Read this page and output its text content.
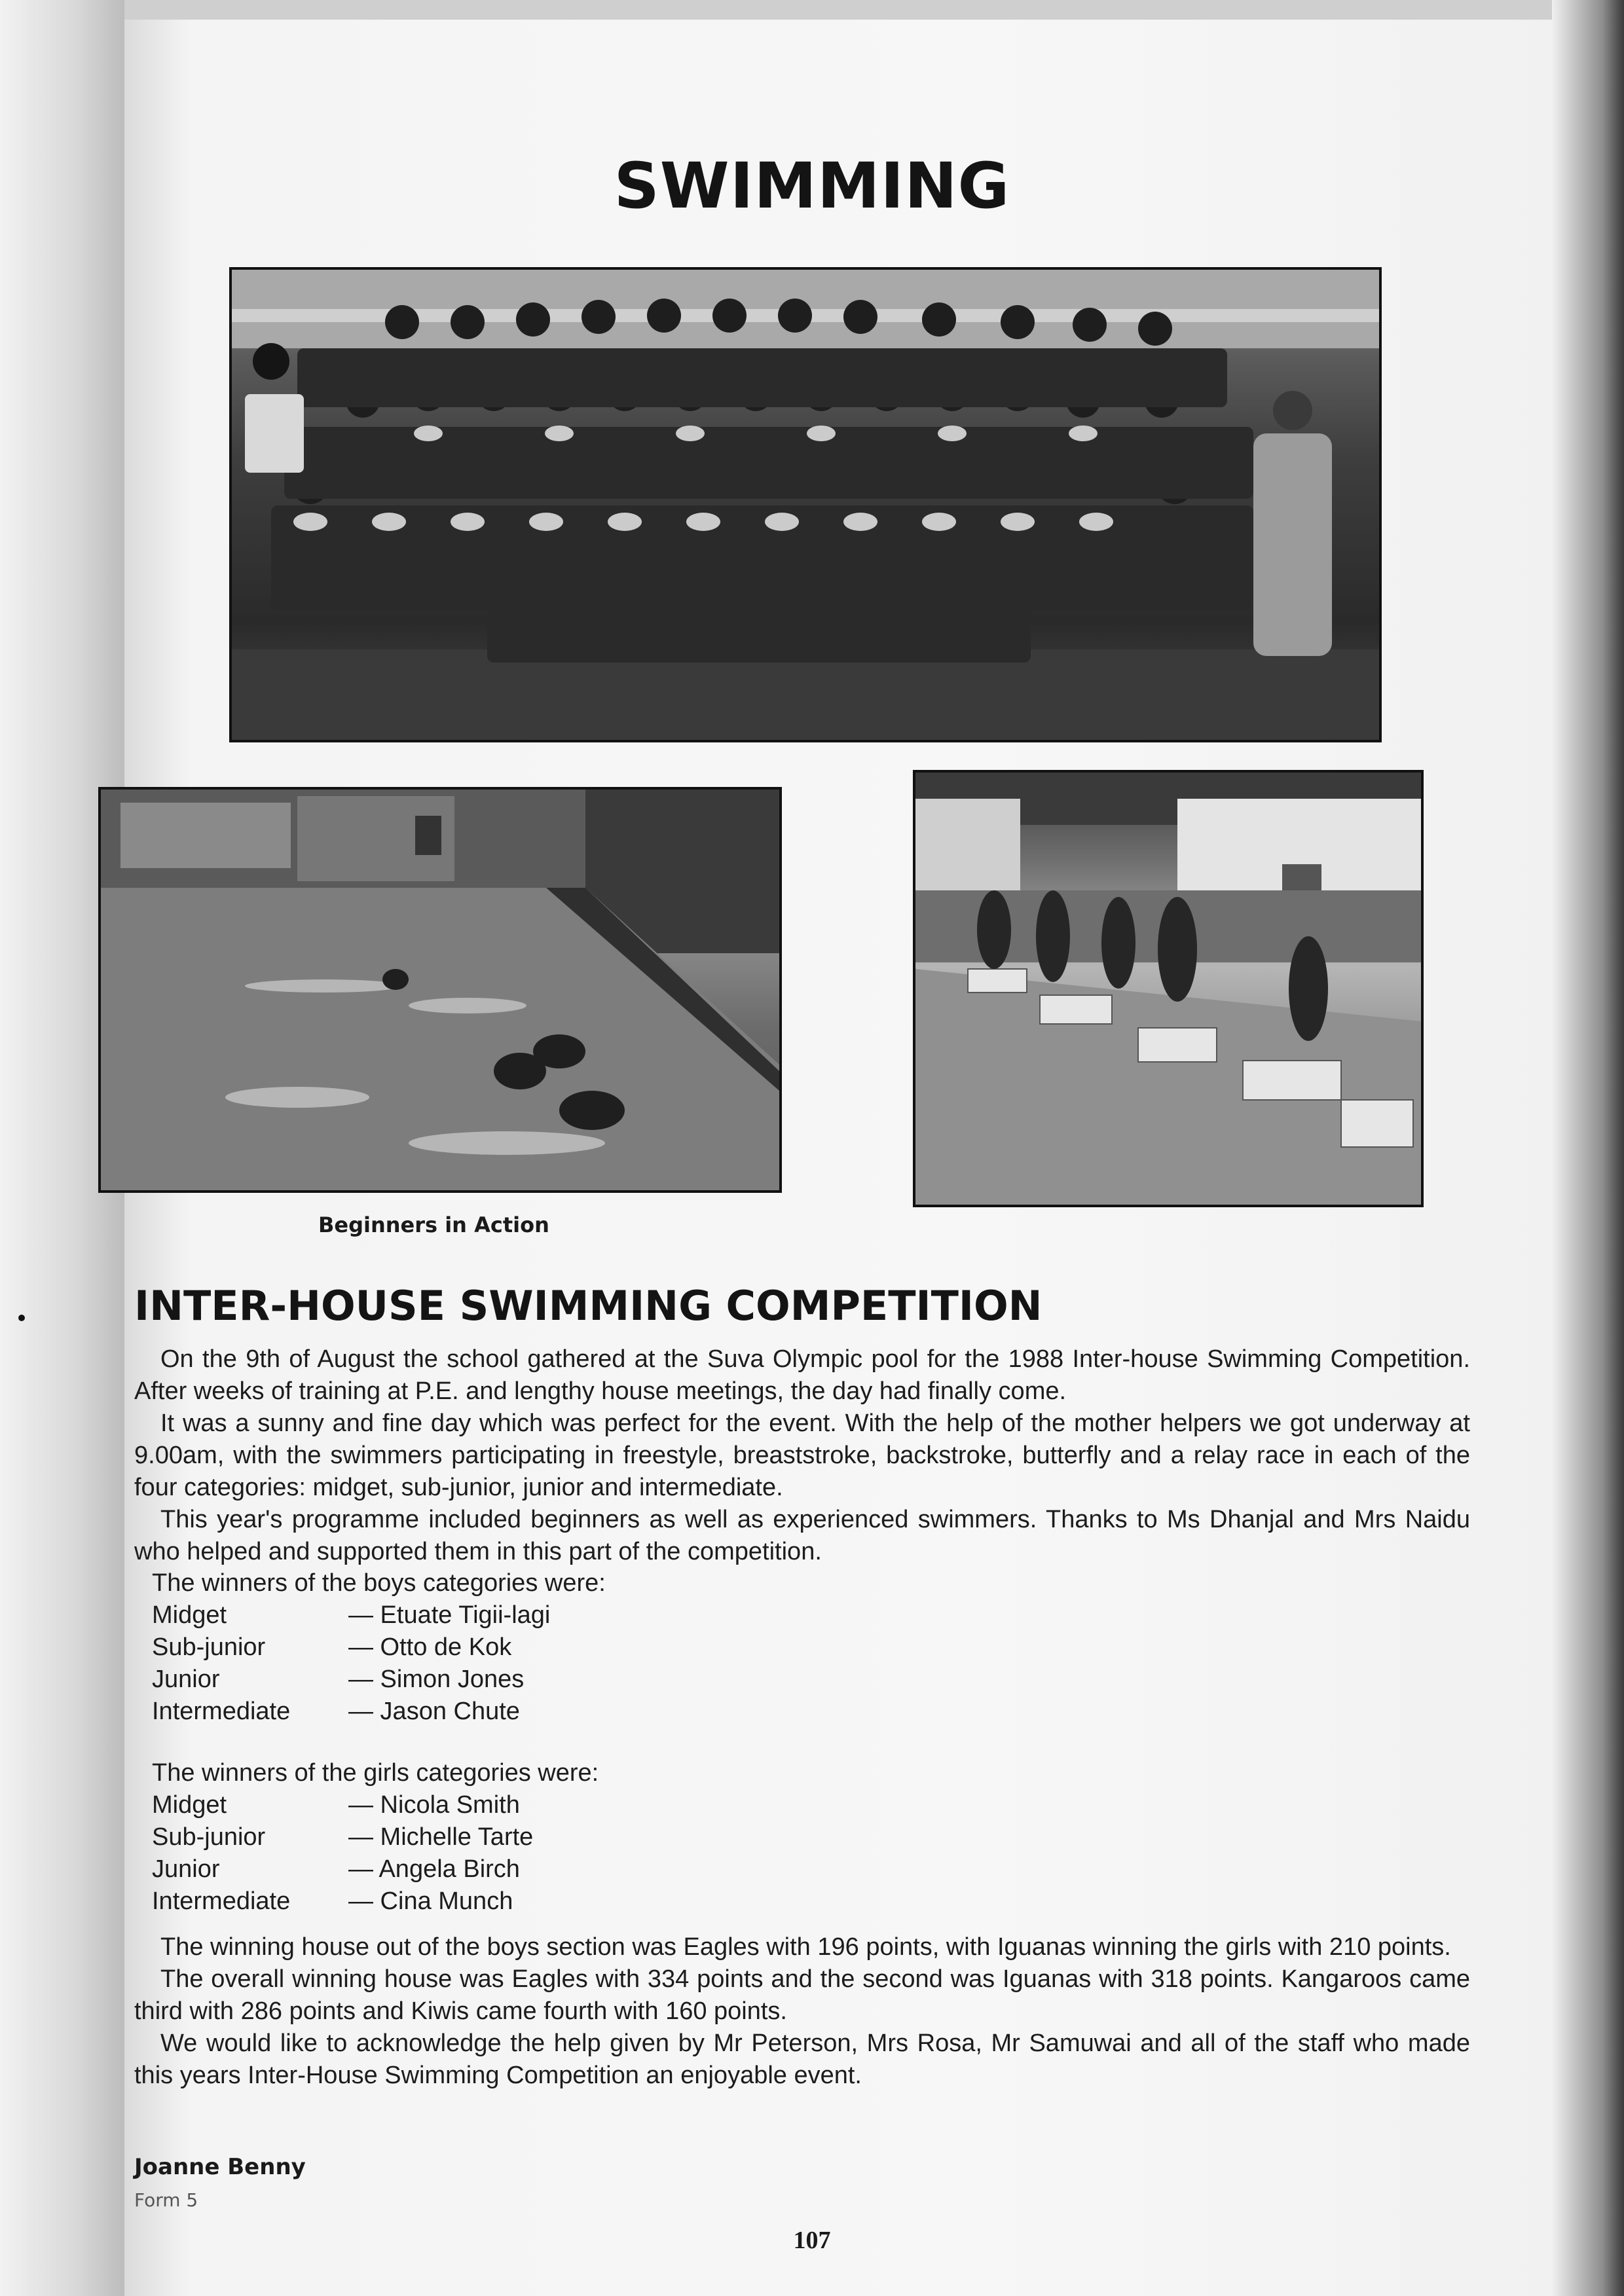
SWIMMING
Beginners in Action
INTER-HOUSE SWIMMING COMPETITION

On the 9th of August the school gathered at the Suva Olympic pool for the 1988 Inter-house Swimming Competition. After weeks of training at P.E. and lengthy house meetings, the day had finally come.

It was a sunny and fine day which was perfect for the event. With the help of the mother helpers we got underway at 9.00am, with the swimmers participating in freestyle, breaststroke, backstroke, butterfly and a relay race in each of the four categories: midget, sub-junior, junior and intermediate.

This year's programme included beginners as well as experienced swimmers. Thanks to Ms Dhanjal and Mrs Naidu who helped and supported them in this part of the competition.

The winners of the boys categories were:
Midget	— Etuate Tigii-lagi
Sub-junior	— Otto de Kok
Junior	— Simon Jones
Intermediate	— Jason Chute
The winners of the girls categories were:
Midget	— Nicola Smith
Sub-junior	— Michelle Tarte
Junior	— Angela Birch
Intermediate	— Cina Munch

The winning house out of the boys section was Eagles with 196 points, with Iguanas winning the girls with 210 points.

The overall winning house was Eagles with 334 points and the second was Iguanas with 318 points. Kangaroos came third with 286 points and Kiwis came fourth with 160 points.

We would like to acknowledge the help given by Mr Peterson, Mrs Rosa, Mr Samuwai and all of the staff who made this years Inter-House Swimming Competition an enjoyable event.

Joanne Benny
Form 5
107
